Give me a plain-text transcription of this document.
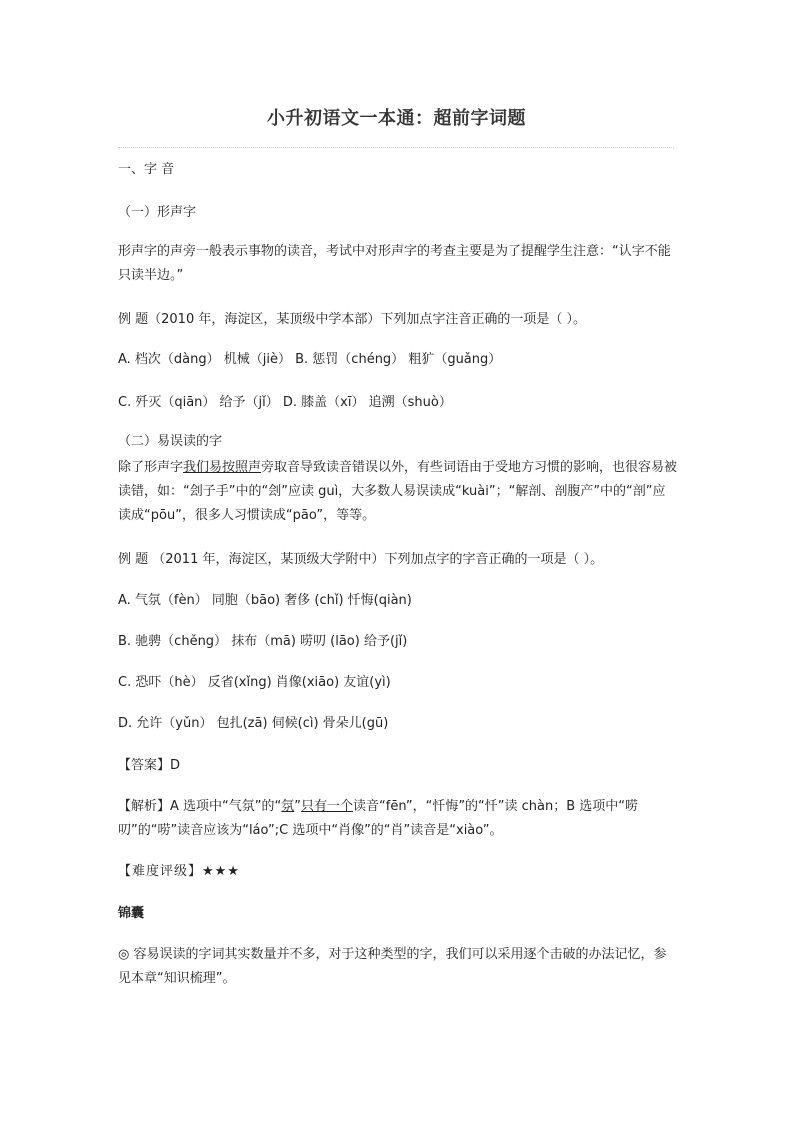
小升初语文一本通：超前字词题

一、字 音

（一）形声字

形声字的声旁一般表示事物的读音，考试中对形声字的考查主要是为了提醒学生注意：“认字不能只读半边。”

例 题（2010 年，海淀区，某顶级中学本部）下列加点字注音正确的一项是（ ）。

A. 档次（dàng） 机械（jiè） B. 惩罚（chéng） 粗犷（guǎng）

C. 歼灭（qiān） 给予（jǐ） D. 膝盖（xī） 追溯（shuò）

（二）易误读的字

除了形声字我们易按照声旁取音导致读音错误以外，有些词语由于受地方习惯的影响，也很容易被读错，如：“刽子手”中的“刽”应读 guì，大多数人易误读成“kuài”；“解剖、剖腹产”中的“剖”应读成“pōu”，很多人习惯读成“pāo”，等等。

例 题 （2011 年，海淀区，某顶级大学附中）下列加点字的字音正确的一项是（ ）。

A. 气氛（fèn） 同胞（bāo) 奢侈 (chǐ) 忏悔(qiàn)

B. 驰骋（chěng） 抹布（mā) 唠叨 (lāo) 给予(jǐ)

C. 恐吓（hè） 反省(xǐng) 肖像(xiāo) 友谊(yì)

D. 允许（yǔn） 包扎(zā) 伺候(cì) 骨朵儿(gū)

【答案】D

【解析】A 选项中“气氛”的“氛”只有一个读音“fēn”，“忏悔”的“忏”读 chàn；B 选项中“唠叨”的“唠”读音应该为“láo”;C 选项中“肖像”的“肖”读音是“xiào”。

【难度评级】★★★

锦囊

◎ 容易误读的字词其实数量并不多，对于这种类型的字，我们可以采用逐个击破的办法记忆，参见本章“知识梳理”。
